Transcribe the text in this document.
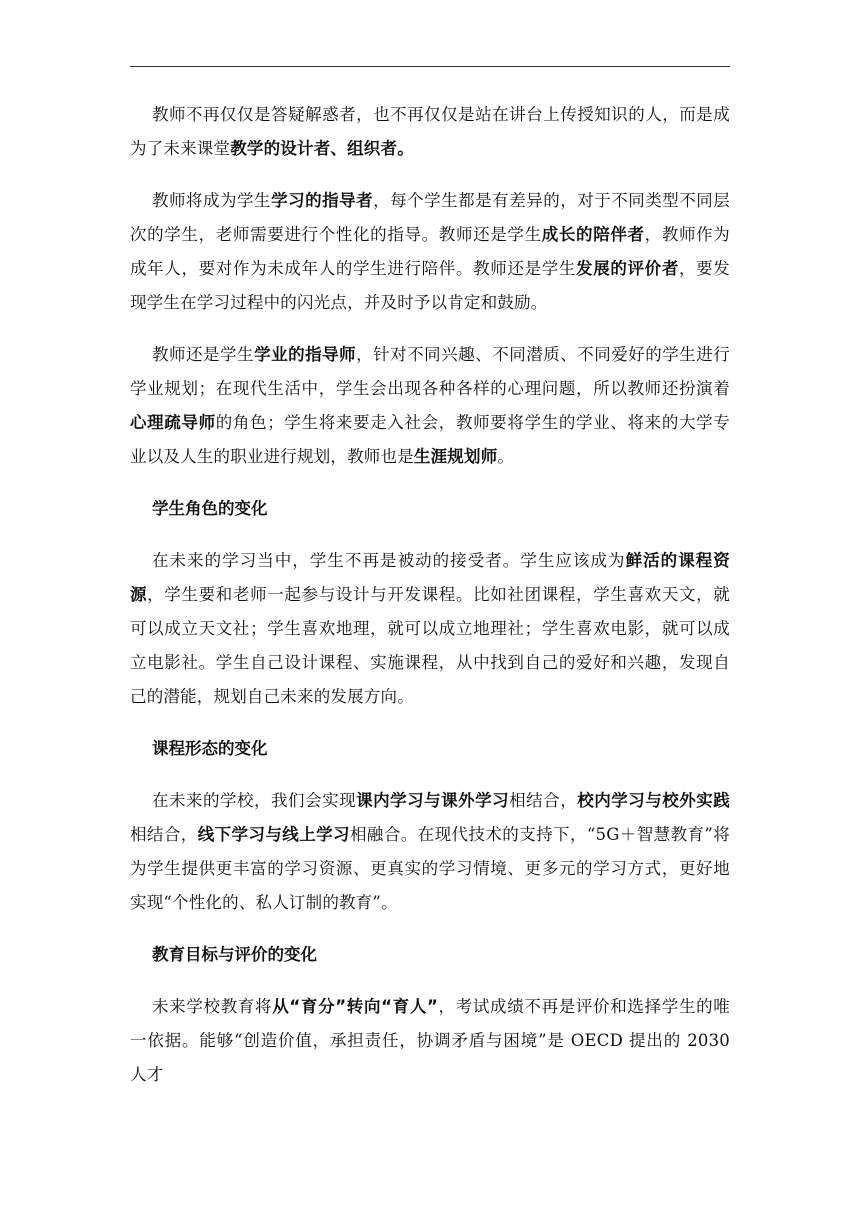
教师不再仅仅是答疑解惑者，也不再仅仅是站在讲台上传授知识的人，而是成为了未来课堂教学的设计者、组织者。

教师将成为学生学习的指导者，每个学生都是有差异的，对于不同类型不同层次的学生，老师需要进行个性化的指导。教师还是学生成长的陪伴者，教师作为成年人，要对作为未成年人的学生进行陪伴。教师还是学生发展的评价者，要发现学生在学习过程中的闪光点，并及时予以肯定和鼓励。

教师还是学生学业的指导师，针对不同兴趣、不同潜质、不同爱好的学生进行学业规划；在现代生活中，学生会出现各种各样的心理问题，所以教师还扮演着心理疏导师的角色；学生将来要走入社会，教师要将学生的学业、将来的大学专业以及人生的职业进行规划，教师也是生涯规划师。

学生角色的变化

在未来的学习当中，学生不再是被动的接受者。学生应该成为鲜活的课程资源，学生要和老师一起参与设计与开发课程。比如社团课程，学生喜欢天文，就可以成立天文社；学生喜欢地理，就可以成立地理社；学生喜欢电影，就可以成立电影社。学生自己设计课程、实施课程，从中找到自己的爱好和兴趣，发现自己的潜能，规划自己未来的发展方向。

课程形态的变化

在未来的学校，我们会实现课内学习与课外学习相结合，校内学习与校外实践相结合，线下学习与线上学习相融合。在现代技术的支持下，“5G＋智慧教育”将为学生提供更丰富的学习资源、更真实的学习情境、更多元的学习方式，更好地实现“个性化的、私人订制的教育”。

教育目标与评价的变化

未来学校教育将从“育分”转向“育人”，考试成绩不再是评价和选择学生的唯一依据。能够“创造价值，承担责任，协调矛盾与困境”是 OECD 提出的 2030 人才
